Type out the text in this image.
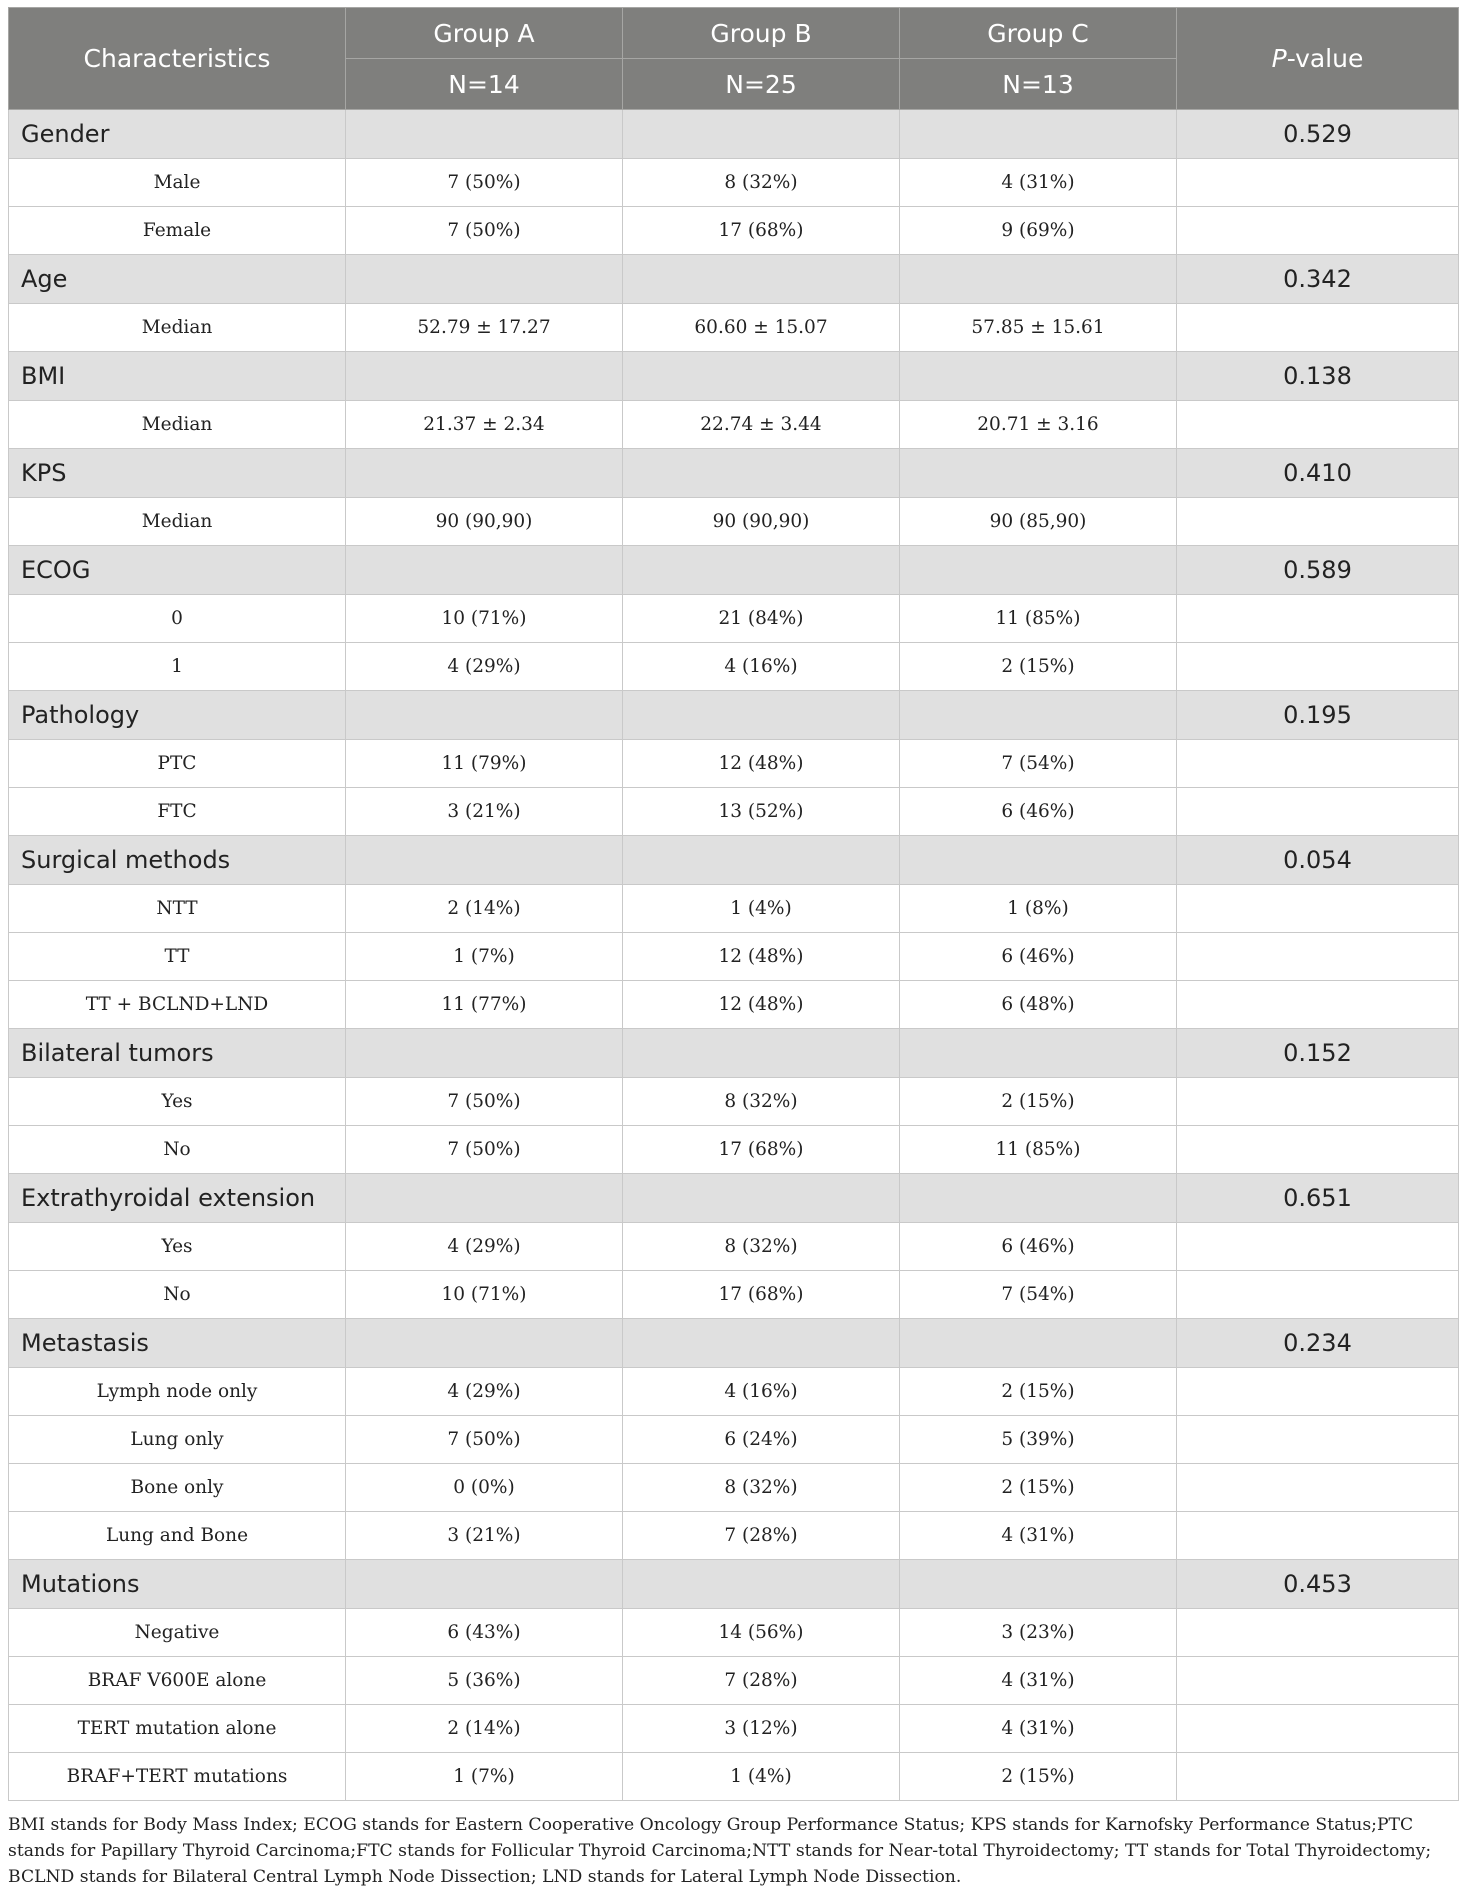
Characteristics	Group A	Group B	Group C	P-value
	N=14	N=25	N=13	
Gender				0.529
Male	7 (50%)	8 (32%)	4 (31%)	
Female	7 (50%)	17 (68%)	9 (69%)	
Age				0.342
Median	52.79 ± 17.27	60.60 ± 15.07	57.85 ± 15.61	
BMI				0.138
Median	21.37 ± 2.34	22.74 ± 3.44	20.71 ± 3.16	
KPS				0.410
Median	90 (90,90)	90 (90,90)	90 (85,90)	
ECOG				0.589
0	10 (71%)	21 (84%)	11 (85%)	
1	4 (29%)	4 (16%)	2 (15%)	
Pathology				0.195
PTC	11 (79%)	12 (48%)	7 (54%)	
FTC	3 (21%)	13 (52%)	6 (46%)	
Surgical methods				0.054
NTT	2 (14%)	1 (4%)	1 (8%)	
TT	1 (7%)	12 (48%)	6 (46%)	
TT + BCLND+LND	11 (77%)	12 (48%)	6 (48%)	
Bilateral tumors				0.152
Yes	7 (50%)	8 (32%)	2 (15%)	
No	7 (50%)	17 (68%)	11 (85%)	
Extrathyroidal extension				0.651
Yes	4 (29%)	8 (32%)	6 (46%)	
No	10 (71%)	17 (68%)	7 (54%)	
Metastasis				0.234
Lymph node only	4 (29%)	4 (16%)	2 (15%)	
Lung only	7 (50%)	6 (24%)	5 (39%)	
Bone only	0 (0%)	8 (32%)	2 (15%)	
Lung and Bone	3 (21%)	7 (28%)	4 (31%)	
Mutations				0.453
Negative	6 (43%)	14 (56%)	3 (23%)	
BRAF V600E alone	5 (36%)	7 (28%)	4 (31%)	
TERT mutation alone	2 (14%)	3 (12%)	4 (31%)	
BRAF+TERT mutations	1 (7%)	1 (4%)	2 (15%)	
BMI stands for Body Mass Index; ECOG stands for Eastern Cooperative Oncology Group Performance Status; KPS stands for Karnofsky Performance Status;PTC stands for Papillary Thyroid Carcinoma;FTC stands for Follicular Thyroid Carcinoma;NTT stands for Near-total Thyroidectomy; TT stands for Total Thyroidectomy; BCLND stands for Bilateral Central Lymph Node Dissection; LND stands for Lateral Lymph Node Dissection.
